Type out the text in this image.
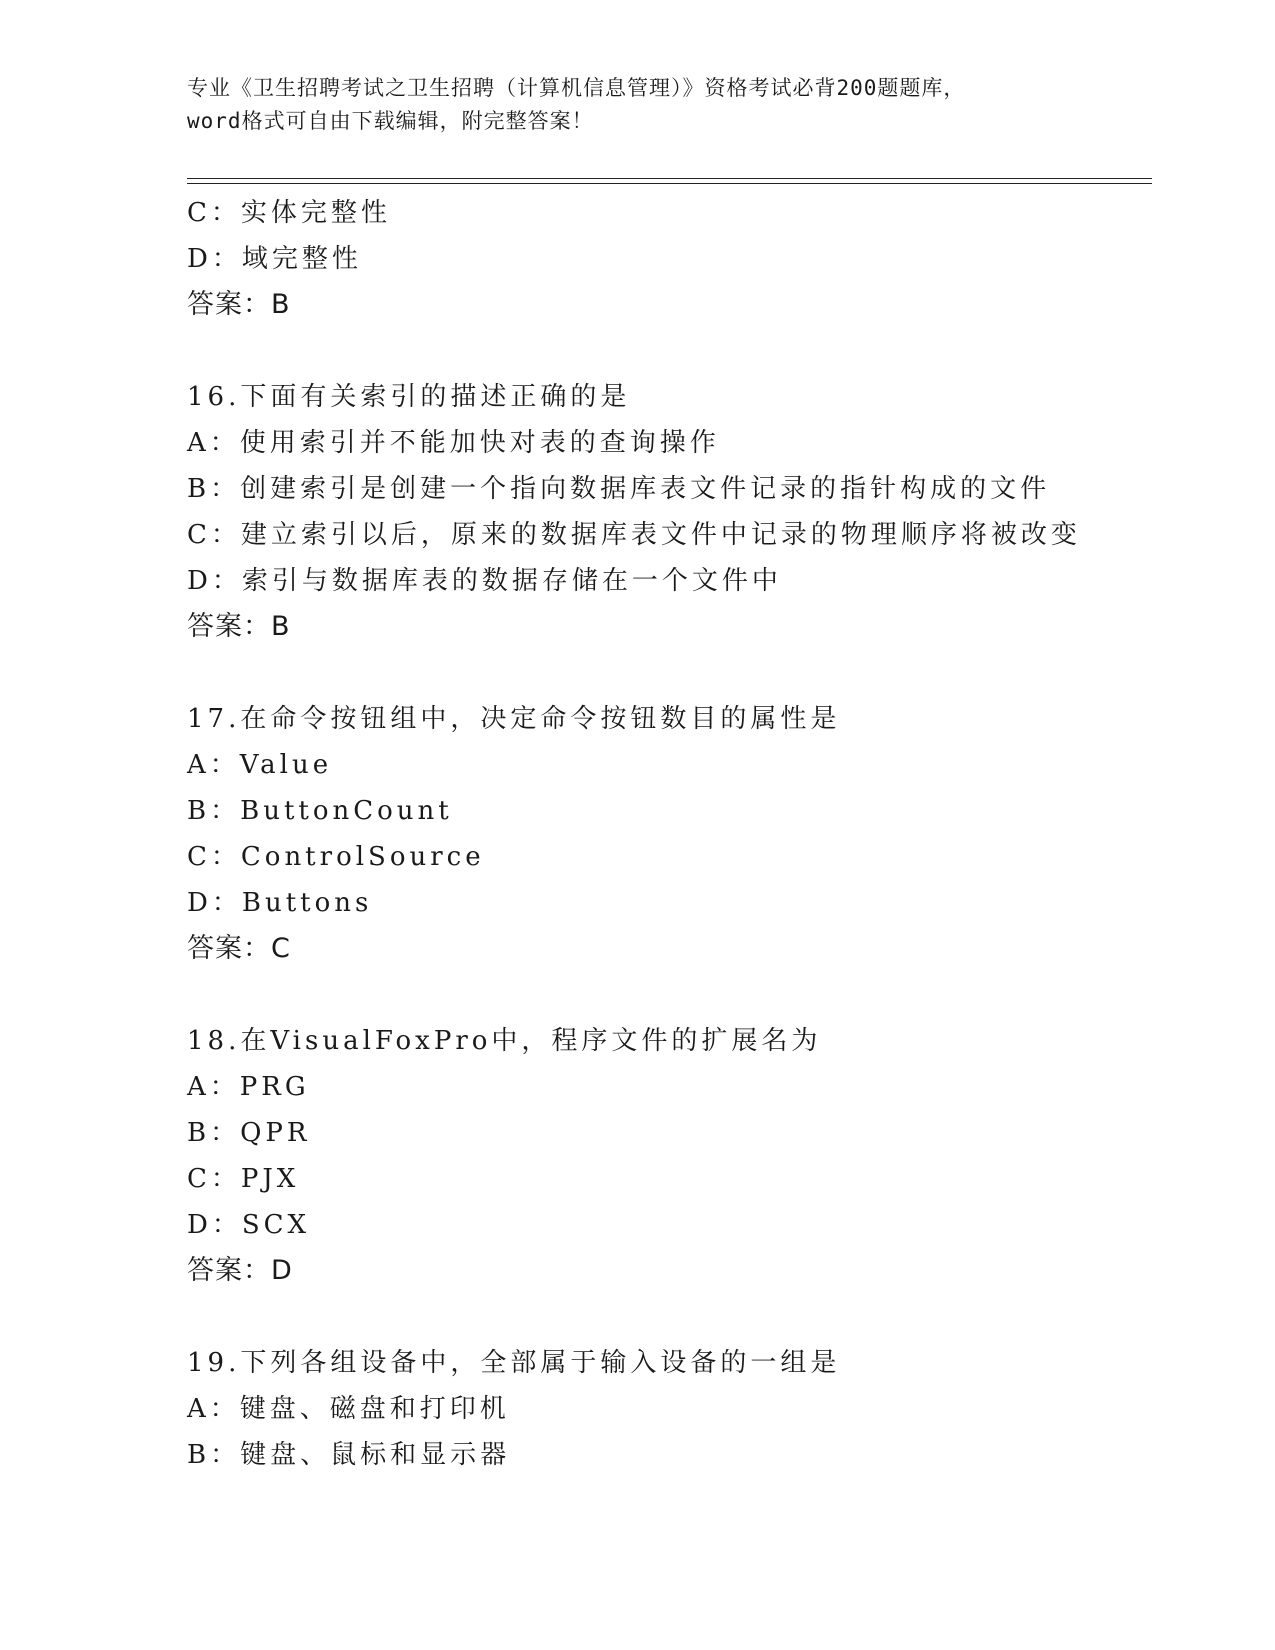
专业《卫生招聘考试之卫生招聘（计算机信息管理）》资格考试必背200题题库，
word格式可自由下载编辑，附完整答案！
C：实体完整性
D：域完整性
答案：B
16.下面有关索引的描述正确的是
A：使用索引并不能加快对表的查询操作
B：创建索引是创建一个指向数据库表文件记录的指针构成的文件
C：建立索引以后，原来的数据库表文件中记录的物理顺序将被改变
D：索引与数据库表的数据存储在一个文件中
答案：B
17.在命令按钮组中，决定命令按钮数目的属性是
A：Value
B：ButtonCount
C：ControlSource
D：Buttons
答案：C
18.在VisualFoxPro中，程序文件的扩展名为
A：PRG
B：QPR
C：PJX
D：SCX
答案：D
19.下列各组设备中，全部属于输入设备的一组是
A：键盘、磁盘和打印机
B：键盘、鼠标和显示器
